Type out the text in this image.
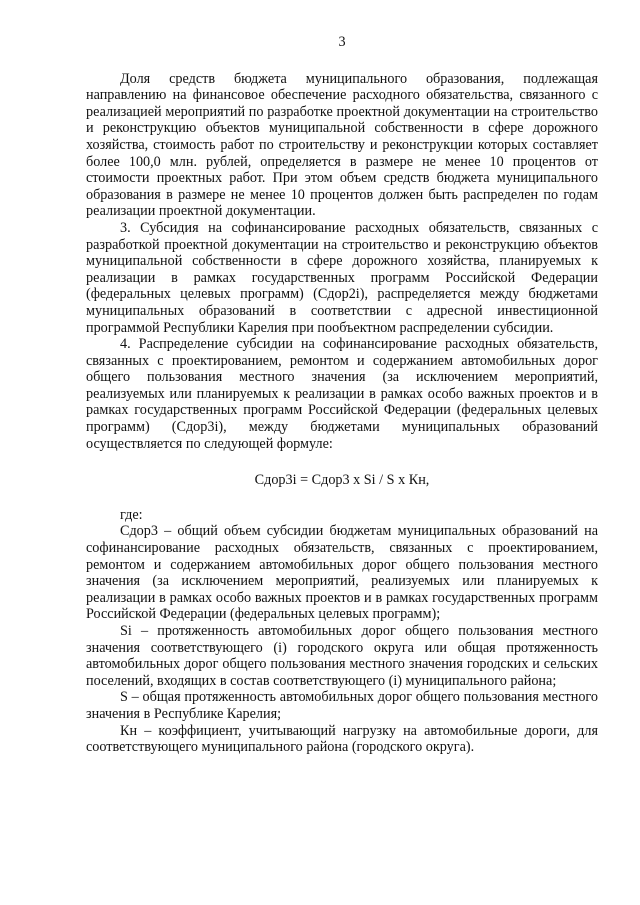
3

Доля средств бюджета муниципального образования, подлежащая направлению на финансовое обеспечение расходного обязательства, связанного с реализацией мероприятий по разработке проектной документации на строительство и реконструкцию объектов муниципальной собственности в сфере дорожного хозяйства, стоимость работ по строительству и реконструкции которых составляет более 100,0 млн. рублей, определяется в размере не менее 10 процентов от стоимости проектных работ. При этом объем средств бюджета муниципального образования в размере не менее 10 процентов должен быть распределен по годам реализации проектной документации.

3. Субсидия на софинансирование расходных обязательств, связанных с разработкой проектной документации на строительство и реконструкцию объектов муниципальной собственности в сфере дорожного хозяйства, планируемых к реализации в рамках государственных программ Российской Федерации (федеральных целевых программ) (Сдор2i), распределяется между бюджетами муниципальных образований в соответствии с адресной инвестиционной программой Республики Карелия при пообъектном распределении субсидии.

4. Распределение субсидии на софинансирование расходных обязательств, связанных с проектированием, ремонтом и содержанием автомобильных дорог общего пользования местного значения (за исключением мероприятий, реализуемых или планируемых к реализации в рамках особо важных проектов и в рамках государственных программ Российской Федерации (федеральных целевых программ) (Сдор3i), между бюджетами муниципальных образований осуществляется по следующей формуле:

Сдор3i = Сдор3 х Si / S х Кн,

где:

Сдор3 – общий объем субсидии бюджетам муниципальных образований на софинансирование расходных обязательств, связанных с проектированием, ремонтом и содержанием автомобильных дорог общего пользования местного значения (за исключением мероприятий, реализуемых или планируемых к реализации в рамках особо важных проектов и в рамках государственных программ Российской Федерации (федеральных целевых программ);

Si – протяженность автомобильных дорог общего пользования местного значения соответствующего (i) городского округа или общая протяженность автомобильных дорог общего пользования местного значения городских и сельских поселений, входящих в состав соответствующего (i) муниципального района;

S – общая протяженность автомобильных дорог общего пользования местного значения в Республике Карелия;

Кн – коэффициент, учитывающий нагрузку на автомобильные дороги, для соответствующего муниципального района (городского округа).
